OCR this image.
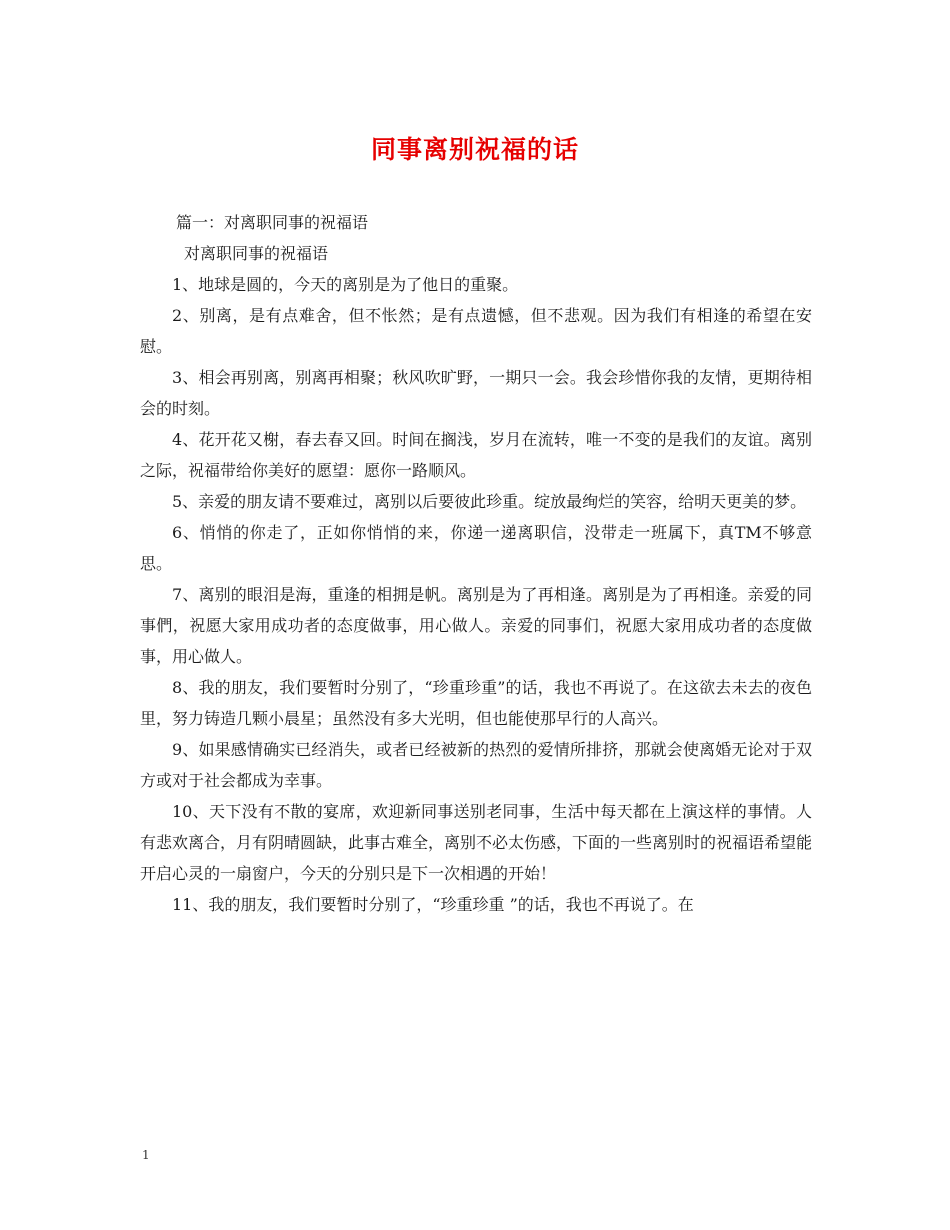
同事离别祝福的话

篇一：对离职同事的祝福语

对离职同事的祝福语

1、地球是圆的，今天的离别是为了他日的重聚。

2、别离，是有点难舍，但不怅然；是有点遗憾，但不悲观。因为我们有相逢的希望在安慰。

3、相会再别离，别离再相聚；秋风吹旷野，一期只一会。我会珍惜你我的友情，更期待相会的时刻。

4、花开花又榭，春去春又回。时间在搁浅，岁月在流转，唯一不变的是我们的友谊。离别之际，祝福带给你美好的愿望：愿你一路顺风。

5、亲爱的朋友请不要难过，离别以后要彼此珍重。绽放最绚烂的笑容，给明天更美的梦。

6、悄悄的你走了，正如你悄悄的来，你递一递离职信，没带走一班属下，真TM不够意思。

7、离别的眼泪是海，重逢的相拥是帆。离别是为了再相逢。离别是为了再相逢。亲爱的同事們，祝愿大家用成功者的态度做事，用心做人。亲爱的同事们，祝愿大家用成功者的态度做事，用心做人。

8、我的朋友，我们要暂时分别了，“珍重珍重”的话，我也不再说了。在这欲去未去的夜色里，努力铸造几颗小晨星；虽然没有多大光明，但也能使那早行的人高兴。

9、如果感情确实已经消失，或者已经被新的热烈的爱情所排挤，那就会使离婚无论对于双方或对于社会都成为幸事。

10、天下没有不散的宴席，欢迎新同事送别老同事，生活中每天都在上演这样的事情。人有悲欢离合，月有阴晴圆缺，此事古难全，离别不必太伤感，下面的一些离别时的祝福语希望能开启心灵的一扇窗户，今天的分别只是下一次相遇的开始！

11、我的朋友，我们要暂时分别了，“珍重珍重 ”的话，我也不再说了。在

1
